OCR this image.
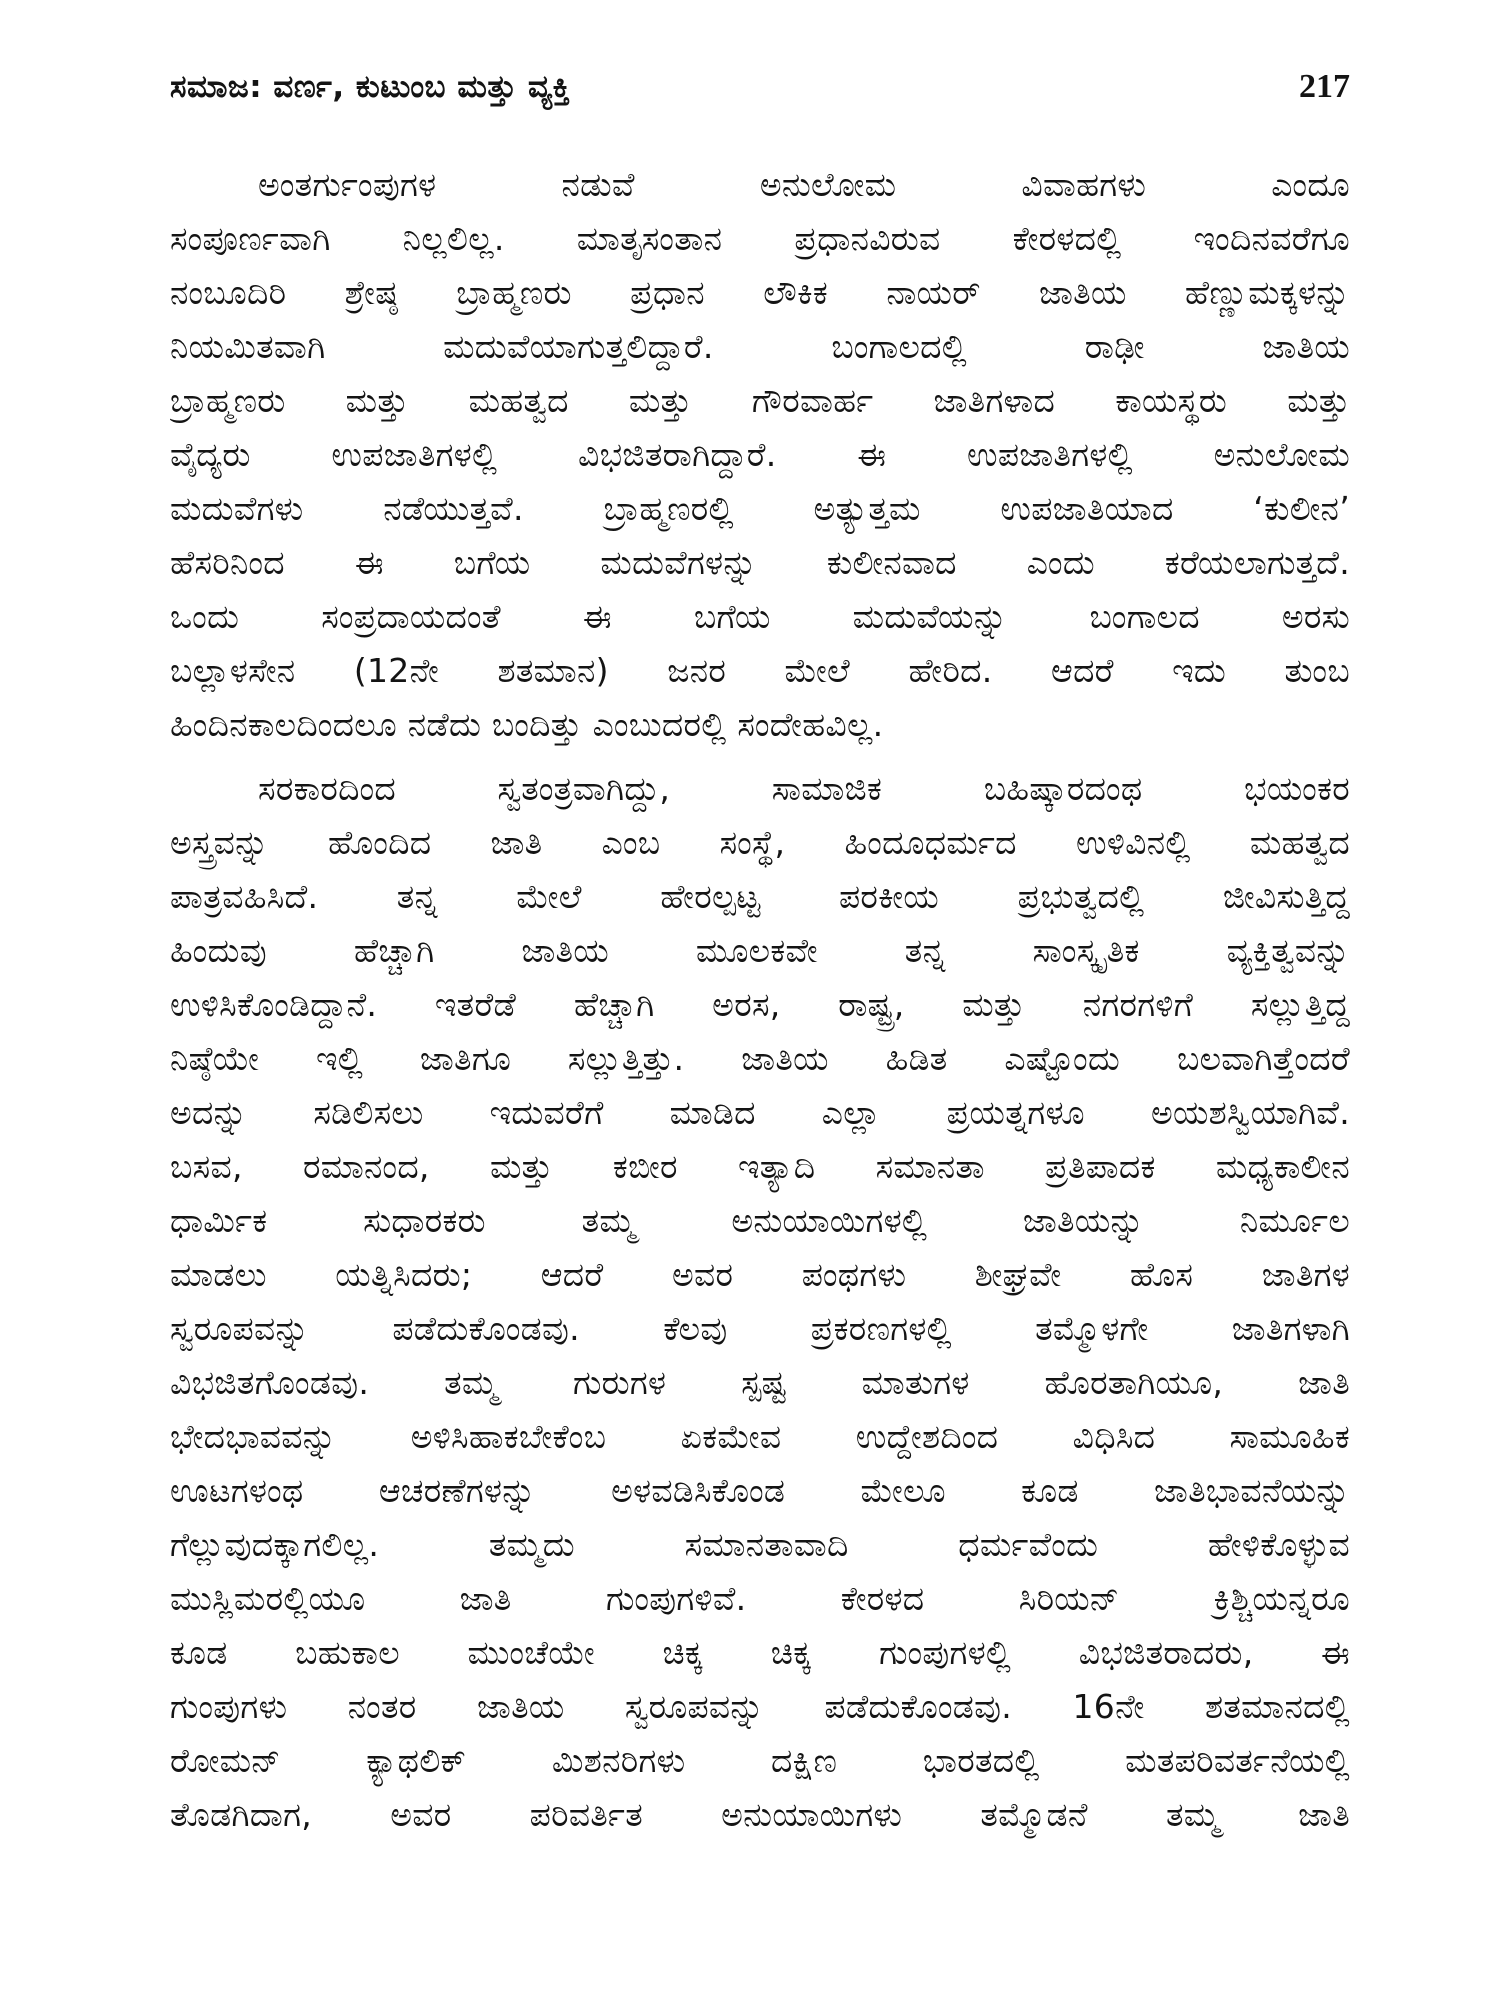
ಸಮಾಜ: ವರ್ಣ, ಕುಟುಂಬ ಮತ್ತು ವ್ಯಕ್ತಿ	217
ಅಂತರ್ಗುಂಪುಗಳ ನಡುವೆ ಅನುಲೋಮ ವಿವಾಹಗಳು ಎಂದೂ
ಸಂಪೂರ್ಣವಾಗಿ ನಿಲ್ಲಲಿಲ್ಲ. ಮಾತೃಸಂತಾನ ಪ್ರಧಾನವಿರುವ ಕೇರಳದಲ್ಲಿ ಇಂದಿನವರೆಗೂ
ನಂಬೂದಿರಿ ಶ್ರೇಷ್ಠ ಬ್ರಾಹ್ಮಣರು ಪ್ರಧಾನ ಲೌಕಿಕ ನಾಯರ್ ಜಾತಿಯ ಹೆಣ್ಣುಮಕ್ಕಳನ್ನು
ನಿಯಮಿತವಾಗಿ ಮದುವೆಯಾಗುತ್ತಲಿದ್ದಾರೆ. ಬಂಗಾಲದಲ್ಲಿ ರಾಢೀ ಜಾತಿಯ
ಬ್ರಾಹ್ಮಣರು ಮತ್ತು ಮಹತ್ವದ ಮತ್ತು ಗೌರವಾರ್ಹ ಜಾತಿಗಳಾದ ಕಾಯಸ್ಥರು ಮತ್ತು
ವೈದ್ಯರು ಉಪಜಾತಿಗಳಲ್ಲಿ ವಿಭಜಿತರಾಗಿದ್ದಾರೆ. ಈ ಉಪಜಾತಿಗಳಲ್ಲಿ ಅನುಲೋಮ
ಮದುವೆಗಳು ನಡೆಯುತ್ತವೆ. ಬ್ರಾಹ್ಮಣರಲ್ಲಿ ಅತ್ಯುತ್ತಮ ಉಪಜಾತಿಯಾದ ‘ಕುಲೀನ’
ಹೆಸರಿನಿಂದ ಈ ಬಗೆಯ ಮದುವೆಗಳನ್ನು ಕುಲೀನವಾದ ಎಂದು ಕರೆಯಲಾಗುತ್ತದೆ.
ಒಂದು ಸಂಪ್ರದಾಯದಂತೆ ಈ ಬಗೆಯ ಮದುವೆಯನ್ನು ಬಂಗಾಲದ ಅರಸು
ಬಲ್ಲಾಳಸೇನ (12ನೇ ಶತಮಾನ) ಜನರ ಮೇಲೆ ಹೇರಿದ. ಆದರೆ ಇದು ತುಂಬ
ಹಿಂದಿನಕಾಲದಿಂದಲೂ ನಡೆದು ಬಂದಿತ್ತು ಎಂಬುದರಲ್ಲಿ ಸಂದೇಹವಿಲ್ಲ.
ಸರಕಾರದಿಂದ ಸ್ವತಂತ್ರವಾಗಿದ್ದು, ಸಾಮಾಜಿಕ ಬಹಿಷ್ಕಾರದಂಥ ಭಯಂಕರ
ಅಸ್ತ್ರವನ್ನು ಹೊಂದಿದ ಜಾತಿ ಎಂಬ ಸಂಸ್ಥೆ, ಹಿಂದೂಧರ್ಮದ ಉಳಿವಿನಲ್ಲಿ ಮಹತ್ವದ
ಪಾತ್ರವಹಿಸಿದೆ. ತನ್ನ ಮೇಲೆ ಹೇರಲ್ಪಟ್ಟ ಪರಕೀಯ ಪ್ರಭುತ್ವದಲ್ಲಿ ಜೀವಿಸುತ್ತಿದ್ದ
ಹಿಂದುವು ಹೆಚ್ಚಾಗಿ ಜಾತಿಯ ಮೂಲಕವೇ ತನ್ನ ಸಾಂಸ್ಕೃತಿಕ ವ್ಯಕ್ತಿತ್ವವನ್ನು
ಉಳಿಸಿಕೊಂಡಿದ್ದಾನೆ. ಇತರೆಡೆ ಹೆಚ್ಚಾಗಿ ಅರಸ, ರಾಷ್ಟ್ರ, ಮತ್ತು ನಗರಗಳಿಗೆ ಸಲ್ಲುತ್ತಿದ್ದ
ನಿಷ್ಠೆಯೇ ಇಲ್ಲಿ ಜಾತಿಗೂ ಸಲ್ಲುತ್ತಿತ್ತು. ಜಾತಿಯ ಹಿಡಿತ ಎಷ್ಟೊಂದು ಬಲವಾಗಿತ್ತೆಂದರೆ
ಅದನ್ನು ಸಡಿಲಿಸಲು ಇದುವರೆಗೆ ಮಾಡಿದ ಎಲ್ಲಾ ಪ್ರಯತ್ನಗಳೂ ಅಯಶಸ್ವಿಯಾಗಿವೆ.
ಬಸವ, ರಮಾನಂದ, ಮತ್ತು ಕಬೀರ ಇತ್ಯಾದಿ ಸಮಾನತಾ ಪ್ರತಿಪಾದಕ ಮಧ್ಯಕಾಲೀನ
ಧಾರ್ಮಿಕ ಸುಧಾರಕರು ತಮ್ಮ ಅನುಯಾಯಿಗಳಲ್ಲಿ ಜಾತಿಯನ್ನು ನಿರ್ಮೂಲ
ಮಾಡಲು ಯತ್ನಿಸಿದರು; ಆದರೆ ಅವರ ಪಂಥಗಳು ಶೀಘ್ರವೇ ಹೊಸ ಜಾತಿಗಳ
ಸ್ವರೂಪವನ್ನು ಪಡೆದುಕೊಂಡವು. ಕೆಲವು ಪ್ರಕರಣಗಳಲ್ಲಿ ತಮ್ಮೊಳಗೇ ಜಾತಿಗಳಾಗಿ
ವಿಭಜಿತಗೊಂಡವು. ತಮ್ಮ ಗುರುಗಳ ಸ್ಪಷ್ಟ ಮಾತುಗಳ ಹೊರತಾಗಿಯೂ, ಜಾತಿ
ಭೇದಭಾವವನ್ನು ಅಳಿಸಿಹಾಕಬೇಕೆಂಬ ಏಕಮೇವ ಉದ್ದೇಶದಿಂದ ವಿಧಿಸಿದ ಸಾಮೂಹಿಕ
ಊಟಗಳಂಥ ಆಚರಣೆಗಳನ್ನು ಅಳವಡಿಸಿಕೊಂಡ ಮೇಲೂ ಕೂಡ ಜಾತಿಭಾವನೆಯನ್ನು
ಗೆಲ್ಲುವುದಕ್ಕಾಗಲಿಲ್ಲ. ತಮ್ಮದು ಸಮಾನತಾವಾದಿ ಧರ್ಮವೆಂದು ಹೇಳಿಕೊಳ್ಳುವ
ಮುಸ್ಲಿಮರಲ್ಲಿಯೂ ಜಾತಿ ಗುಂಪುಗಳಿವೆ. ಕೇರಳದ ಸಿರಿಯನ್ ಕ್ರಿಶ್ಚಿಯನ್ನರೂ
ಕೂಡ ಬಹುಕಾಲ ಮುಂಚೆಯೇ ಚಿಕ್ಕ ಚಿಕ್ಕ ಗುಂಪುಗಳಲ್ಲಿ ವಿಭಜಿತರಾದರು, ಈ
ಗುಂಪುಗಳು ನಂತರ ಜಾತಿಯ ಸ್ವರೂಪವನ್ನು ಪಡೆದುಕೊಂಡವು. 16ನೇ ಶತಮಾನದಲ್ಲಿ
ರೋಮನ್ ಕ್ಯಾಥಲಿಕ್ ಮಿಶನರಿಗಳು ದಕ್ಷಿಣ ಭಾರತದಲ್ಲಿ ಮತಪರಿವರ್ತನೆಯಲ್ಲಿ
ತೊಡಗಿದಾಗ, ಅವರ ಪರಿವರ್ತಿತ ಅನುಯಾಯಿಗಳು ತಮ್ಮೊಡನೆ ತಮ್ಮ ಜಾತಿ
